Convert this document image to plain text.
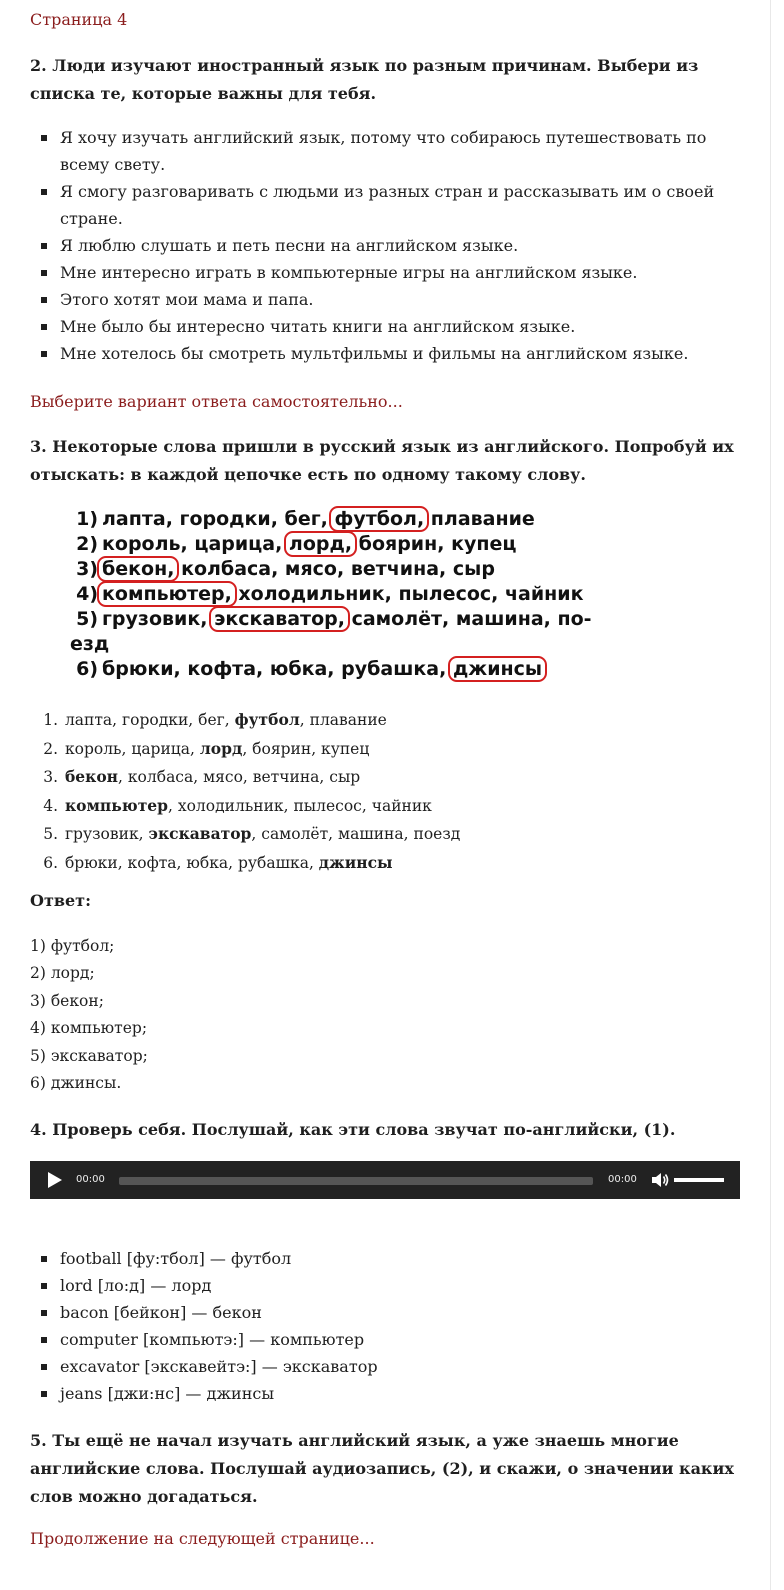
Страница 4
2. Люди изучают иностранный язык по разным причинам. Выбери из списка те, которые важны для тебя.
Я хочу изучать английский язык, потому что собираюсь путешествовать по всему свету.
Я смогу разговаривать с людьми из разных стран и рассказывать им о своей стране.
Я люблю слушать и петь песни на английском языке.
Мне интересно играть в компьютерные игры на английском языке.
Этого хотят мои мама и папа.
Мне было бы интересно читать книги на английском языке.
Мне хотелось бы смотреть мультфильмы и фильмы на английском языке.
Выберите вариант ответа самостоятельно...
3. Некоторые слова пришли в русский язык из английского. Попробуй их отыскать: в каждой цепочке есть по одному такому слову.
1) лапта, городки, бег, футбол, плавание
2) король, царица, лорд, боярин, купец
3) бекон, колбаса, мясо, ветчина, сыр
4) компьютер, холодильник, пылесос, чайник
5) грузовик, экскаватор, самолёт, машина, по-
езд
6) брюки, кофта, юбка, рубашка, джинсы
1. лапта, городки, бег, футбол, плавание
2. король, царица, лорд, боярин, купец
3. бекон, колбаса, мясо, ветчина, сыр
4. компьютер, холодильник, пылесос, чайник
5. грузовик, экскаватор, самолёт, машина, поезд
6. брюки, кофта, юбка, рубашка, джинсы
Ответ:
1) футбол;
2) лорд;
3) бекон;
4) компьютер;
5) экскаватор;
6) джинсы.
4. Проверь себя. Послушай, как эти слова звучат по-английски, (1).
football [фу:тбол] — футбол
lord [ло:д] — лорд
bacon [бейкон] — бекон
computer [компьютэ:] — компьютер
excavator [экскавейтэ:] — экскаватор
jeans [джи:нс] — джинсы
5. Ты ещё не начал изучать английский язык, а уже знаешь многие английские слова. Послушай аудиозапись, (2), и скажи, о значении каких слов можно догадаться.
Продолжение на следующей странице...
00:00	00:00
